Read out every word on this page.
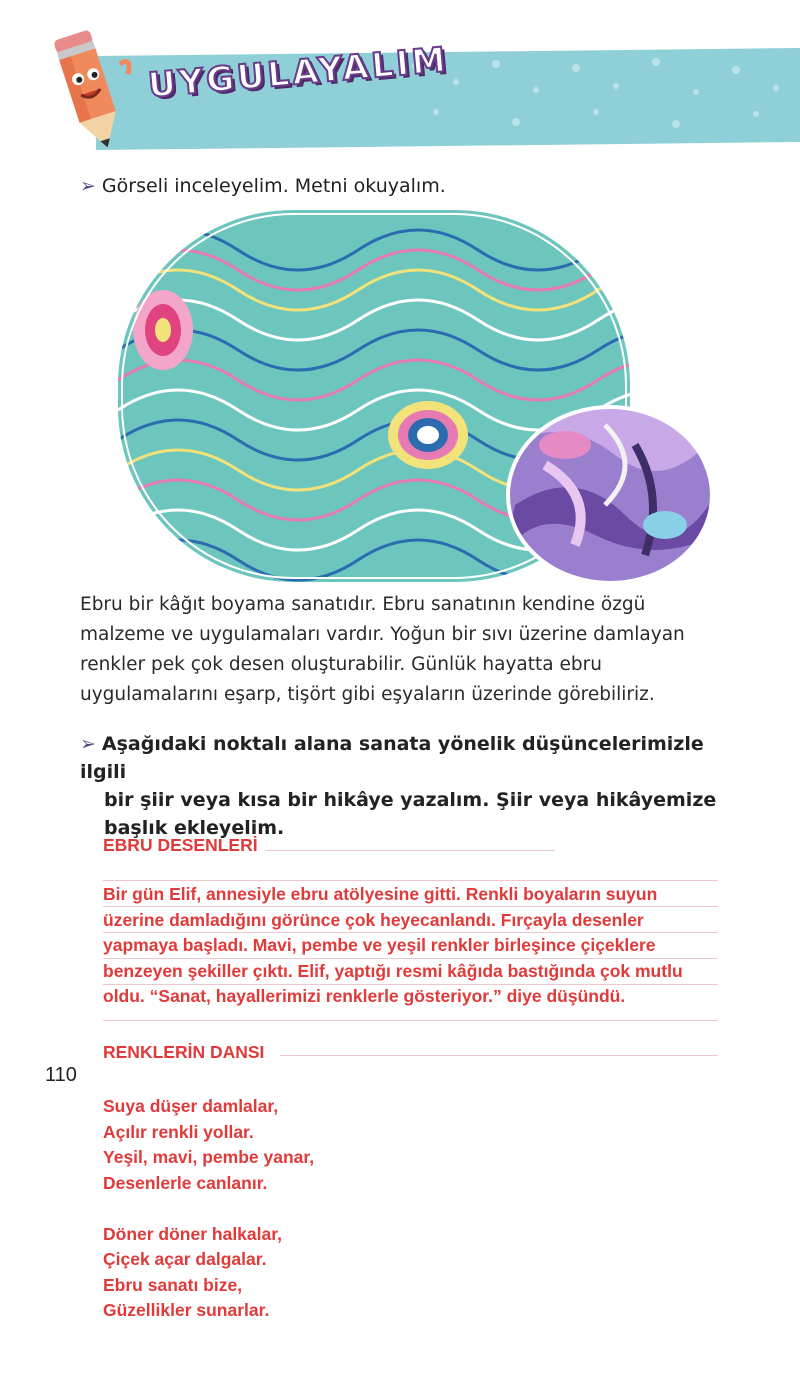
UYGULAYALIM
➢ Görseli inceleyelim. Metni okuyalım.
Ebru bir kâğıt boyama sanatıdır. Ebru sanatının kendine özgü
malzeme ve uygulamaları vardır. Yoğun bir sıvı üzerine damlayan
renkler pek çok desen oluşturabilir. Günlük hayatta ebru
uygulamalarını eşarp, tişört gibi eşyaların üzerinde görebiliriz.
➢ Aşağıdaki noktalı alana sanata yönelik düşüncelerimizle ilgili
bir şiir veya kısa bir hikâye yazalım. Şiir veya hikâyemize
başlık ekleyelim.
EBRU DESENLERİ
Bir gün Elif, annesiyle ebru atölyesine gitti. Renkli boyaların suyun
üzerine damladığını görünce çok heyecanlandı. Fırçayla desenler
yapmaya başladı. Mavi, pembe ve yeşil renkler birleşince çiçeklere
benzeyen şekiller çıktı. Elif, yaptığı resmi kâğıda bastığında çok mutlu
oldu. “Sanat, hayallerimizi renklerle gösteriyor.” diye düşündü.
110
RENKLERİN DANSI
Suya düşer damlalar,
Açılır renkli yollar.
Yeşil, mavi, pembe yanar,
Desenlerle canlanır.

Döner döner halkalar,
Çiçek açar dalgalar.
Ebru sanatı bize,
Güzellikler sunarlar.
